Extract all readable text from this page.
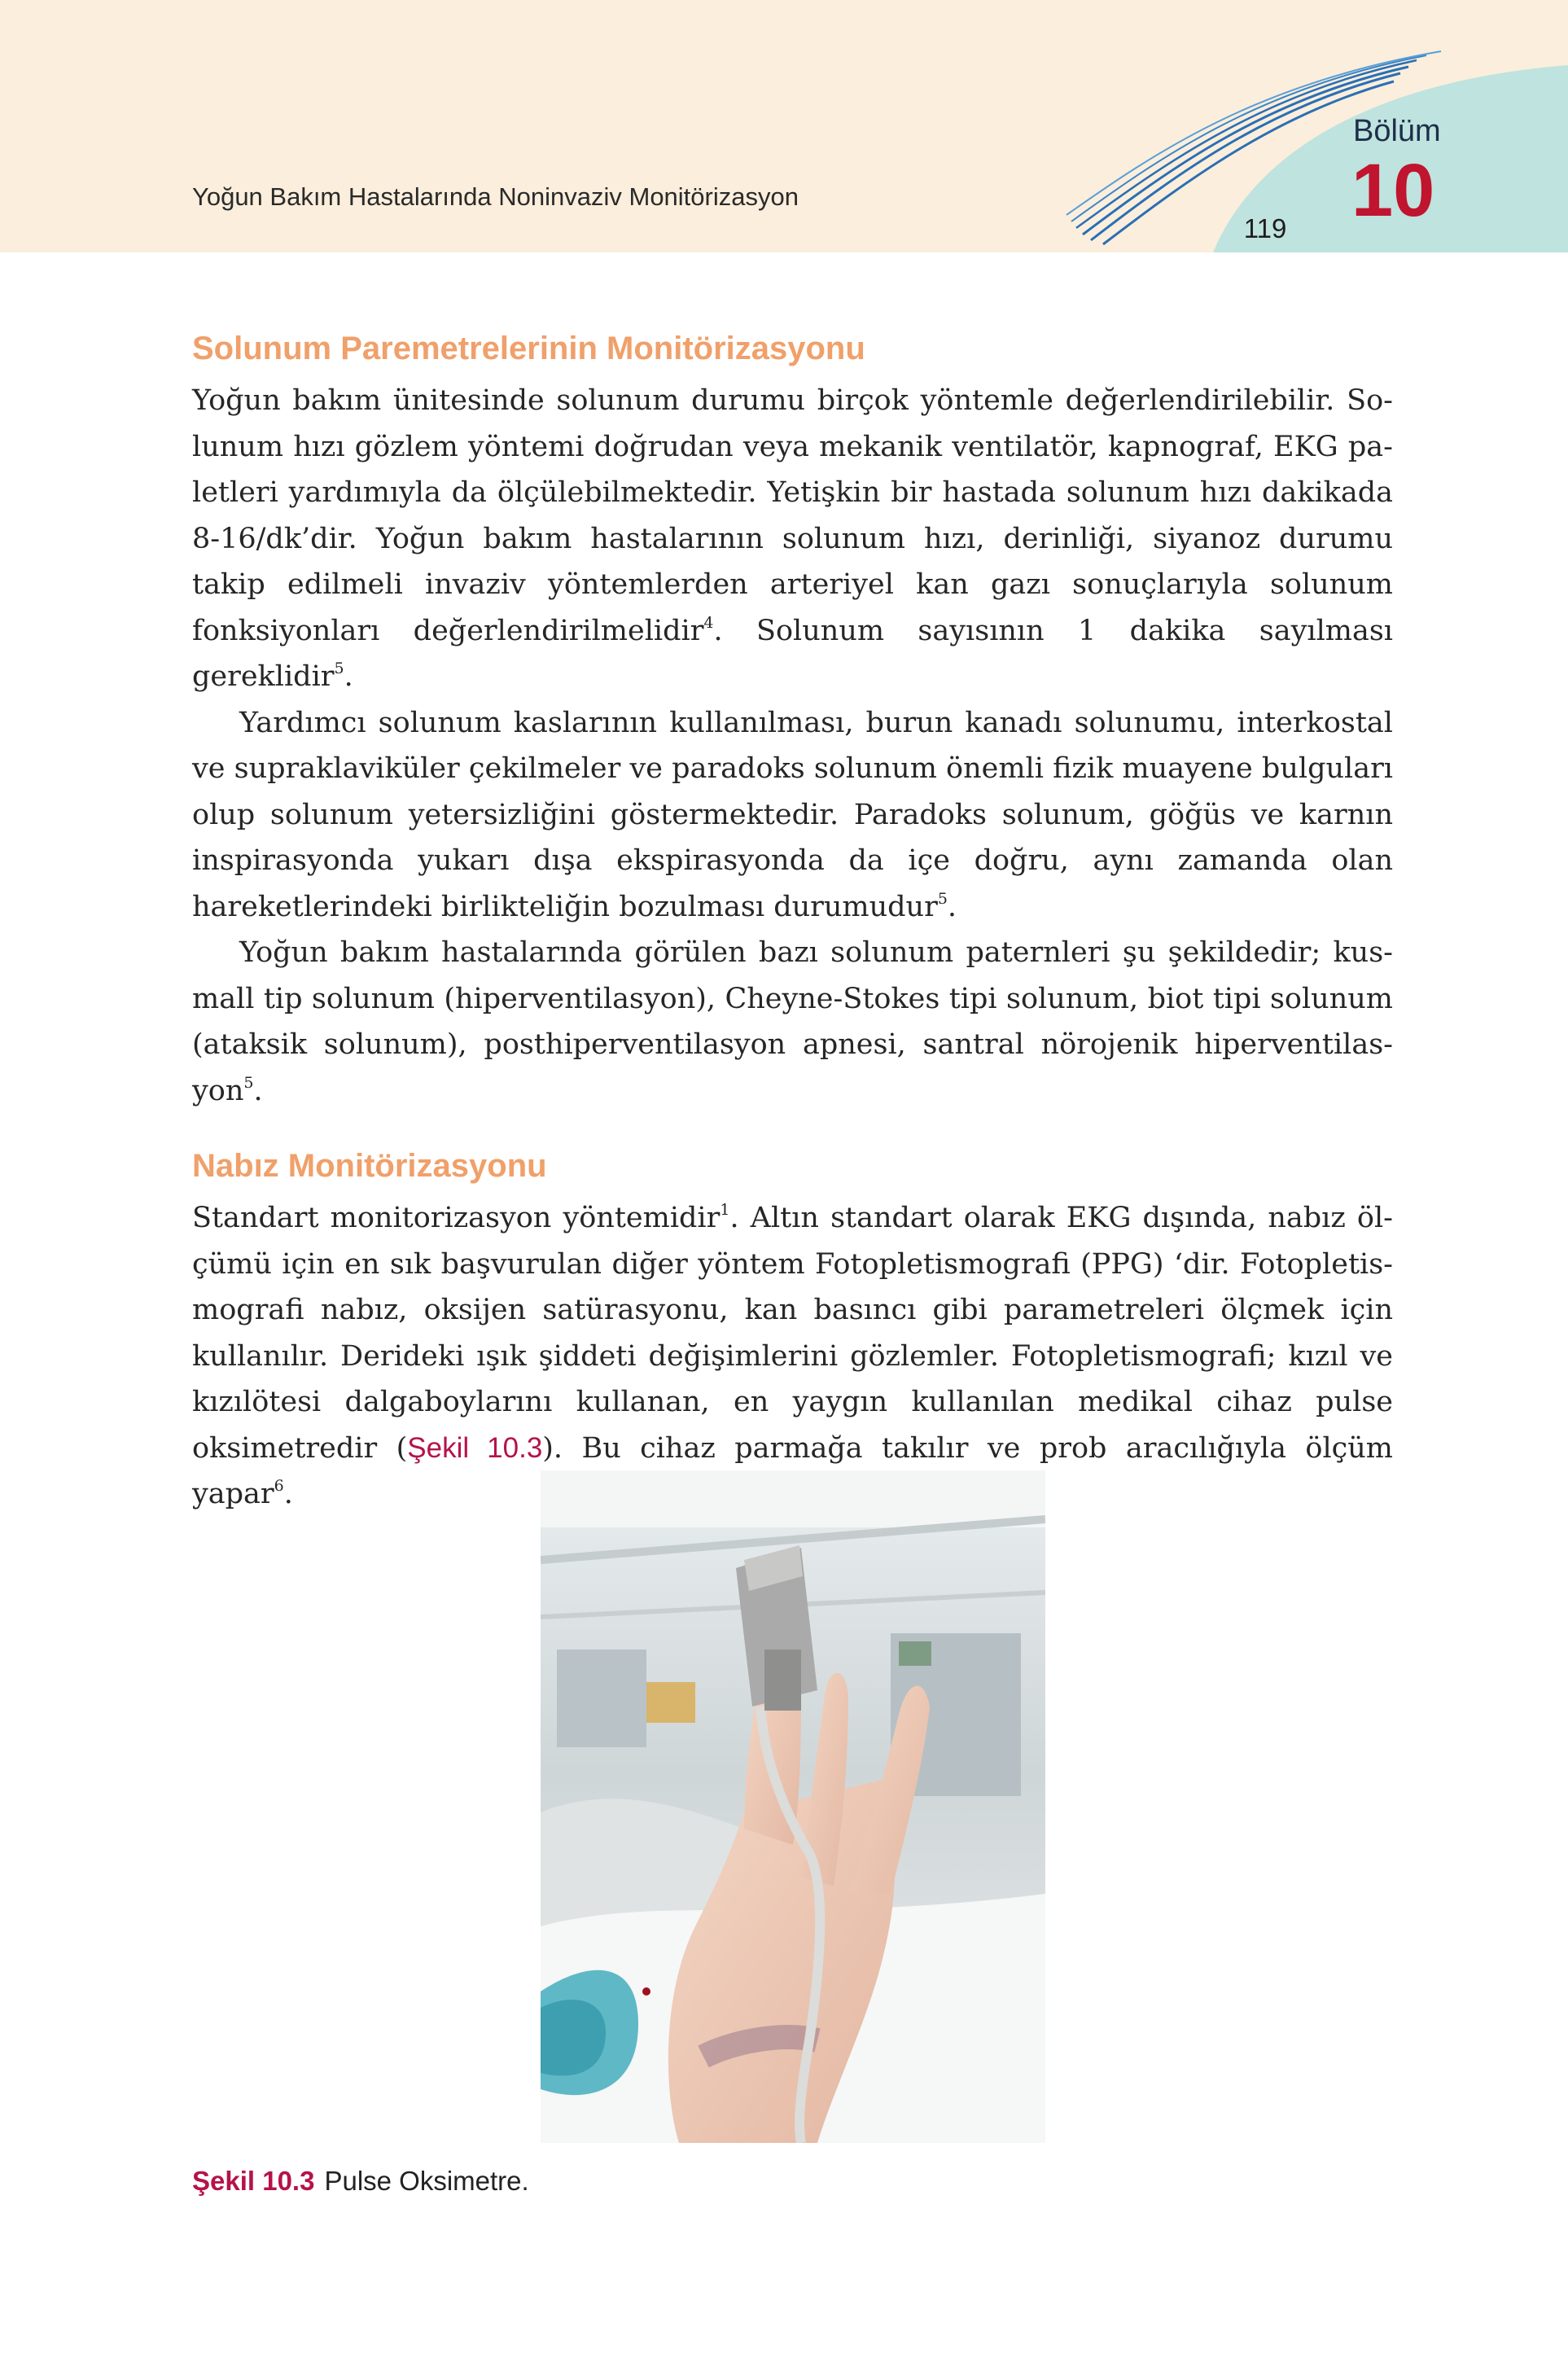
Yoğun Bakım Hastalarında Noninvaziv Monitörizasyon
119
Bölüm
10
Solunum Paremetrelerinin Monitörizasyonu

Yoğun bakım ünitesinde solunum durumu birçok yöntemle değerlendirilebilir. Solunum hızı gözlem yöntemi doğrudan veya mekanik ventilatör, kapnograf, EKG paletleri yardımıyla da ölçülebilmektedir. Yetişkin bir hastada solunum hızı dakikada 8-16/dk’dir. Yoğun bakım hastalarının solunum hızı, derinliği, siyanoz durumu takip edilmeli invaziv yöntemlerden arteriyel kan gazı sonuçlarıyla solunum fonksiyonları değerlendirilmelidir$^4$. Solunum sayısının 1 dakika sayılması gereklidir$^5$.

Yardımcı solunum kaslarının kullanılması, burun kanadı solunumu, interkostal ve supraklaviküler çekilmeler ve paradoks solunum önemli fizik muayene bulguları olup solunum yetersizliğini göstermektedir. Paradoks solunum, göğüs ve karnın inspirasyonda yukarı dışa ekspirasyonda da içe doğru, aynı zamanda olan hareketlerindeki birlikteliğin bozulması durumudur$^5$.

Yoğun bakım hastalarında görülen bazı solunum paternleri şu şekildedir; kusmall tip solunum (hiperventilasyon), Cheyne-Stokes tipi solunum, biot tipi solunum (ataksik solunum), posthiperventilasyon apnesi, santral nörojenik hiperventilasyon$^5$.

Nabız Monitörizasyonu

Standart monitorizasyon yöntemidir$^1$. Altın standart olarak EKG dışında, nabız ölçümü için en sık başvurulan diğer yöntem Fotopletismografi (PPG) ‘dir. Fotopletismografi nabız, oksijen satürasyonu, kan basıncı gibi parametreleri ölçmek için kullanılır. Derideki ışık şiddeti değişimlerini gözlemler. Fotopletismografi; kızıl ve kızılötesi dalgaboylarını kullanan, en yaygın kullanılan medikal cihaz pulse oksimetredir (Şekil 10.3). Bu cihaz parmağa takılır ve prob aracılığıyla ölçüm yapar$^6$.

Şekil 10.3 Pulse Oksimetre.
